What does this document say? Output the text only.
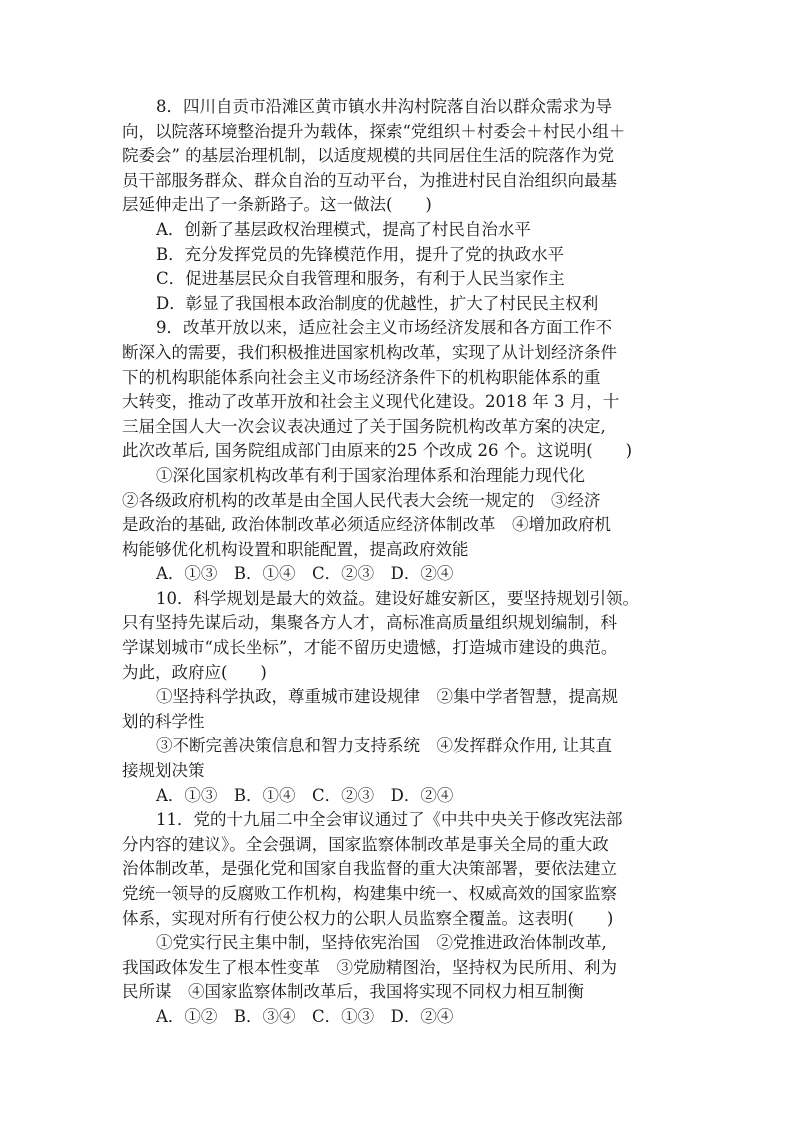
8．四川自贡市沿滩区黄市镇水井沟村院落自治以群众需求为导
向，以院落环境整治提升为载体，探索“党组织＋村委会＋村民小组＋
院委会” 的基层治理机制，以适度规模的共同居住生活的院落作为党
员干部服务群众、群众自治的互动平台，为推进村民自治组织向最基
层延伸走出了一条新路子。这一做法(　　)
A．创新了基层政权治理模式，提高了村民自治水平
B．充分发挥党员的先锋模范作用，提升了党的执政水平
C．促进基层民众自我管理和服务，有利于人民当家作主
D．彰显了我国根本政治制度的优越性，扩大了村民民主权利
9．改革开放以来，适应社会主义市场经济发展和各方面工作不
断深入的需要，我们积极推进国家机构改革，实现了从计划经济条件
下的机构职能体系向社会主义市场经济条件下的机构职能体系的重
大转变，推动了改革开放和社会主义现代化建设。2018 年 3 月，十
三届全国人大一次会议表决通过了关于国务院机构改革方案的决定,
此次改革后, 国务院组成部门由原来的25 个改成 26 个。这说明(　　)
①深化国家机构改革有利于国家治理体系和治理能力现代化
②各级政府机构的改革是由全国人民代表大会统一规定的　③经济
是政治的基础, 政治体制改革必须适应经济体制改革　④增加政府机
构能够优化机构设置和职能配置，提高政府效能
A．①③　B．①④　C．②③　D．②④
10．科学规划是最大的效益。建设好雄安新区，要坚持规划引领。
只有坚持先谋后动，集聚各方人才，高标准高质量组织规划编制，科
学谋划城市“成长坐标”，才能不留历史遗憾，打造城市建设的典范。
为此，政府应(　　)
①坚持科学执政，尊重城市建设规律　②集中学者智慧，提高规
划的科学性
③不断完善决策信息和智力支持系统　④发挥群众作用, 让其直
接规划决策
A．①③　B．①④　C．②③　D．②④
11．党的十九届二中全会审议通过了《中共中央关于修改宪法部
分内容的建议》。全会强调，国家监察体制改革是事关全局的重大政
治体制改革，是强化党和国家自我监督的重大决策部署，要依法建立
党统一领导的反腐败工作机构，构建集中统一、权威高效的国家监察
体系，实现对所有行使公权力的公职人员监察全覆盖。这表明(　　)
①党实行民主集中制，坚持依宪治国　②党推进政治体制改革,
我国政体发生了根本性变革　③党励精图治，坚持权为民所用、利为
民所谋　④国家监察体制改革后，我国将实现不同权力相互制衡
A．①②　B．③④　C．①③　D．②④
